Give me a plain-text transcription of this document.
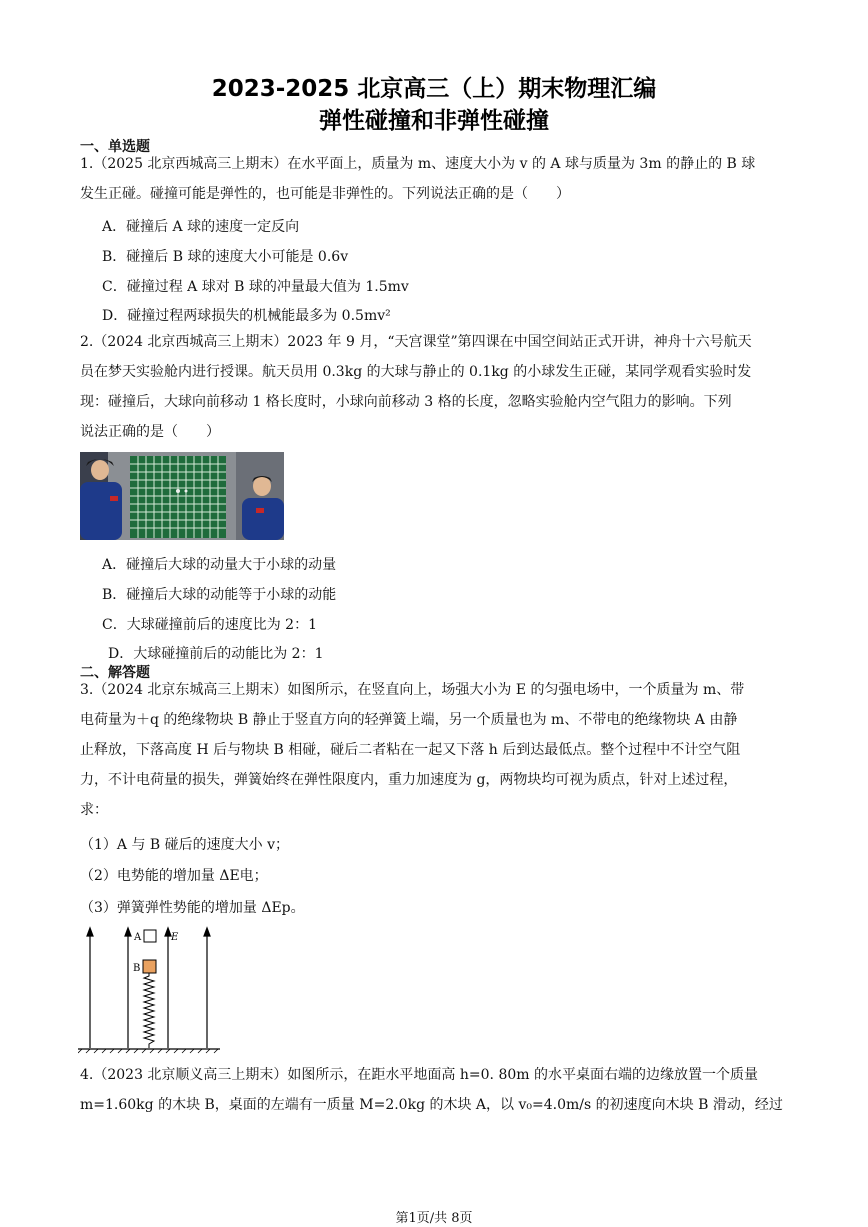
2023-2025 北京高三（上）期末物理汇编
弹性碰撞和非弹性碰撞
一、单选题
1.（2025 北京西城高三上期末）在水平面上，质量为 m、速度大小为 v 的 A 球与质量为 3m 的静止的 B 球
发生正碰。碰撞可能是弹性的，也可能是非弹性的。下列说法正确的是（　　）
A．碰撞后 A 球的速度一定反向
B．碰撞后 B 球的速度大小可能是 0.6v
C．碰撞过程 A 球对 B 球的冲量最大值为 1.5mv
D．碰撞过程两球损失的机械能最多为 0.5mv²
2.（2024 北京西城高三上期末）2023 年 9 月，“天宫课堂”第四课在中国空间站正式开讲，神舟十六号航天
员在梦天实验舱内进行授课。航天员用 0.3kg 的大球与静止的 0.1kg 的小球发生正碰，某同学观看实验时发
现：碰撞后，大球向前移动 1 格长度时，小球向前移动 3 格的长度，忽略实验舱内空气阻力的影响。下列
说法正确的是（　　）
A．碰撞后大球的动量大于小球的动量
B．碰撞后大球的动能等于小球的动能
C．大球碰撞前后的速度比为 2：1
D．大球碰撞前后的动能比为 2：1
二、解答题
3.（2024 北京东城高三上期末）如图所示，在竖直向上，场强大小为 E 的匀强电场中，一个质量为 m、带
电荷量为＋q 的绝缘物块 B 静止于竖直方向的轻弹簧上端，另一个质量也为 m、不带电的绝缘物块 A 由静
止释放，下落高度 H 后与物块 B 相碰，碰后二者粘在一起又下落 h 后到达最低点。整个过程中不计空气阻
力，不计电荷量的损失，弹簧始终在弹性限度内，重力加速度为 g，两物块均可视为质点，针对上述过程，
求：
（1）A 与 B 碰后的速度大小 v；
（2）电势能的增加量 ΔE电；
（3）弹簧弹性势能的增加量 ΔEp。
A
B
E
4.（2023 北京顺义高三上期末）如图所示，在距水平地面高 h=0. 80m 的水平桌面右端的边缘放置一个质量
m=1.60kg 的木块 B，桌面的左端有一质量 M=2.0kg 的木块 A，以 v₀=4.0m/s 的初速度向木块 B 滑动，经过
第1页/共 8页
